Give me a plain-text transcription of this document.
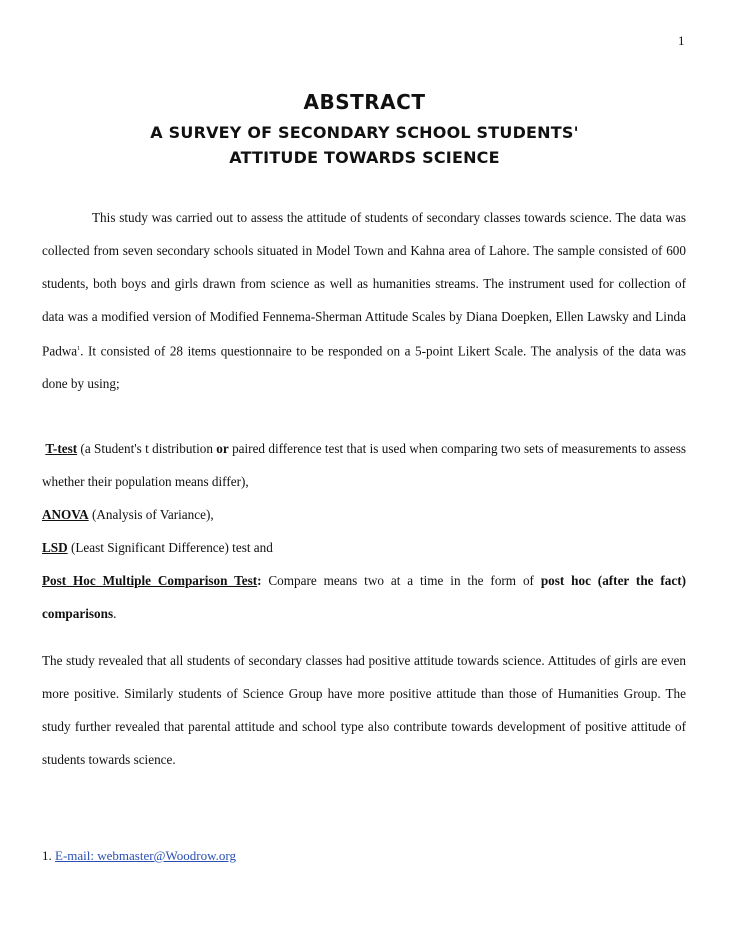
1
ABSTRACT
A SURVEY OF SECONDARY SCHOOL STUDENTS'
ATTITUDE TOWARDS SCIENCE
This study was carried out to assess the attitude of students of secondary classes towards science. The data was collected from seven secondary schools situated in Model Town and Kahna area of Lahore. The sample consisted of 600 students, both boys and girls drawn from science as well as humanities streams. The instrument used for collection of data was a modified version of Modified Fennema-Sherman Attitude Scales by Diana Doepken, Ellen Lawsky and Linda Padwa$^1$. It consisted of 28 items questionnaire to be responded on a 5-point Likert Scale. The analysis of the data was done by using;
T-test (a Student's t distribution or paired difference test that is used when comparing two sets of measurements to assess whether their population means differ),
ANOVA (Analysis of Variance),
LSD (Least Significant Difference) test and
Post Hoc Multiple Comparison Test: Compare means two at a time in the form of post hoc (after the fact) comparisons.
The study revealed that all students of secondary classes had positive attitude towards science. Attitudes of girls are even more positive. Similarly students of Science Group have more positive attitude than those of Humanities Group. The study further revealed that parental attitude and school type also contribute towards development of positive attitude of students towards science.
1. E-mail: webmaster@Woodrow.org
